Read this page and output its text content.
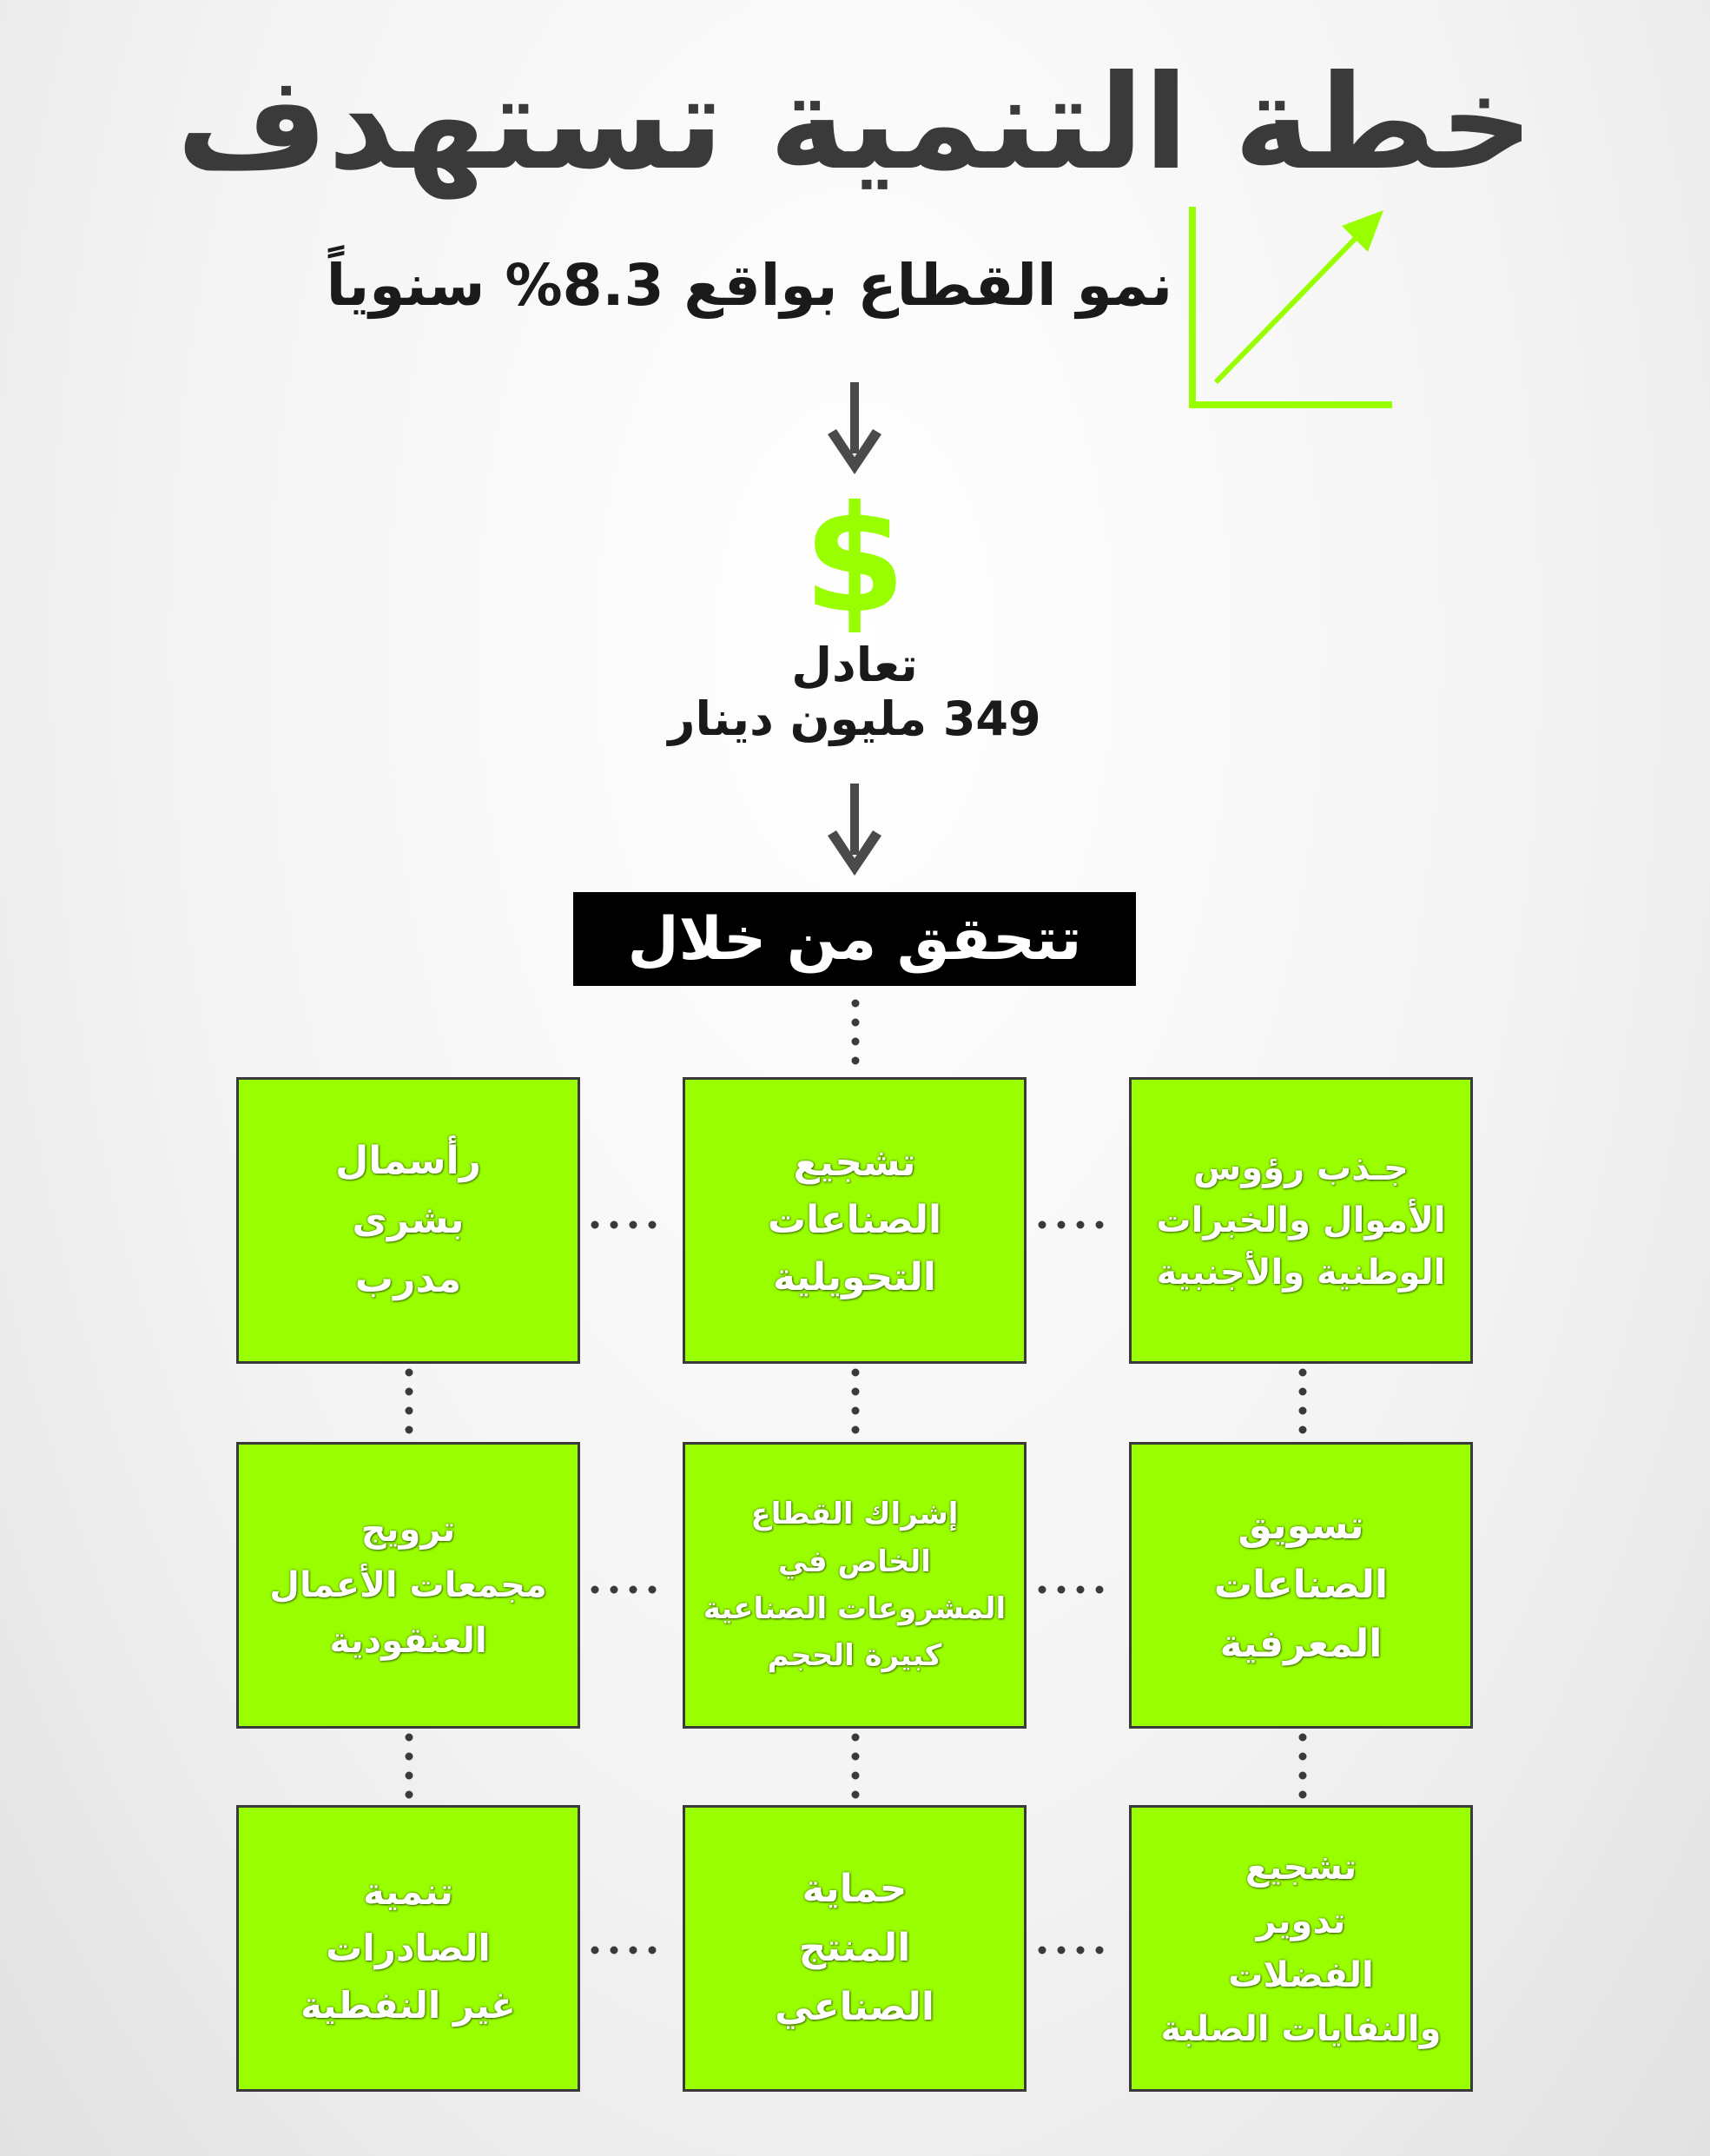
خطة التنمية تستهدف
نمو القطاع بواقع 8.3% سنوياً
$
تعادل
349 مليون دينار
تتحقق من خلال
جـذب رؤوس
الأموال والخبرات
الوطنية والأجنبية
تشجيع
الصناعات
التحويلية
رأسمال
بشرى
مدرب
تسويق
الصناعات
المعرفية
إشراك القطاع
الخاص في
المشروعات الصناعية
كبيرة الحجم
ترويج
مجمعات الأعمال
العنقودية
تشجيع
تدوير
الفضلات
والنفايات الصلبة
حماية
المنتج
الصناعي
تنمية
الصادرات
غير النفطية
